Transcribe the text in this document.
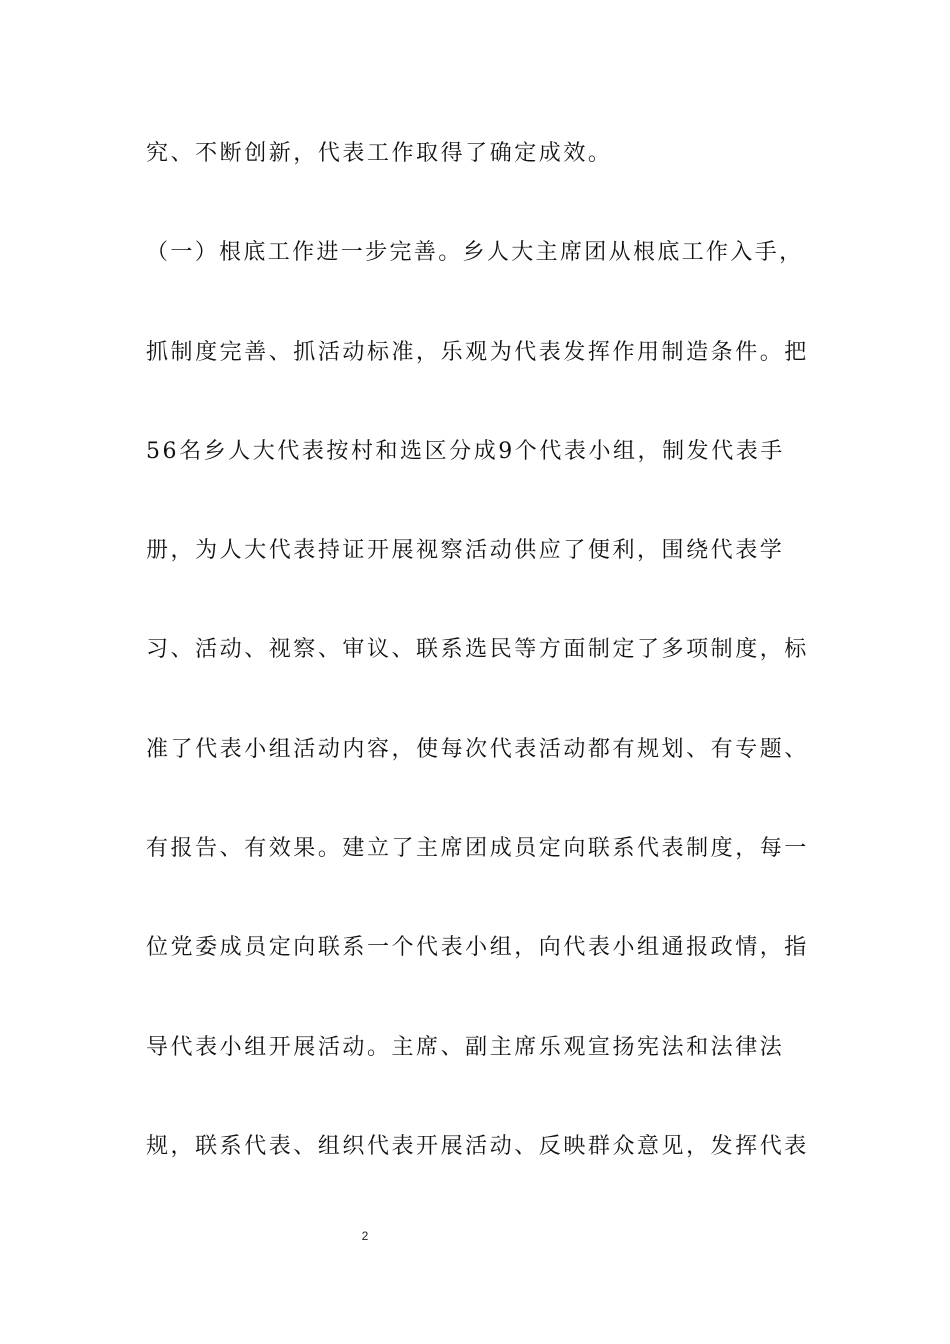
究、不断创新，代表工作取得了确定成效。
（一）根底工作进一步完善。乡人大主席团从根底工作入手，
抓制度完善、抓活动标准，乐观为代表发挥作用制造条件。把
56名乡人大代表按村和选区分成9个代表小组，制发代表手
册，为人大代表持证开展视察活动供应了便利，围绕代表学
习、活动、视察、审议、联系选民等方面制定了多项制度，标
准了代表小组活动内容，使每次代表活动都有规划、有专题、
有报告、有效果。建立了主席团成员定向联系代表制度，每一
位党委成员定向联系一个代表小组，向代表小组通报政情，指
导代表小组开展活动。主席、副主席乐观宣扬宪法和法律法
规，联系代表、组织代表开展活动、反映群众意见，发挥代表
2
